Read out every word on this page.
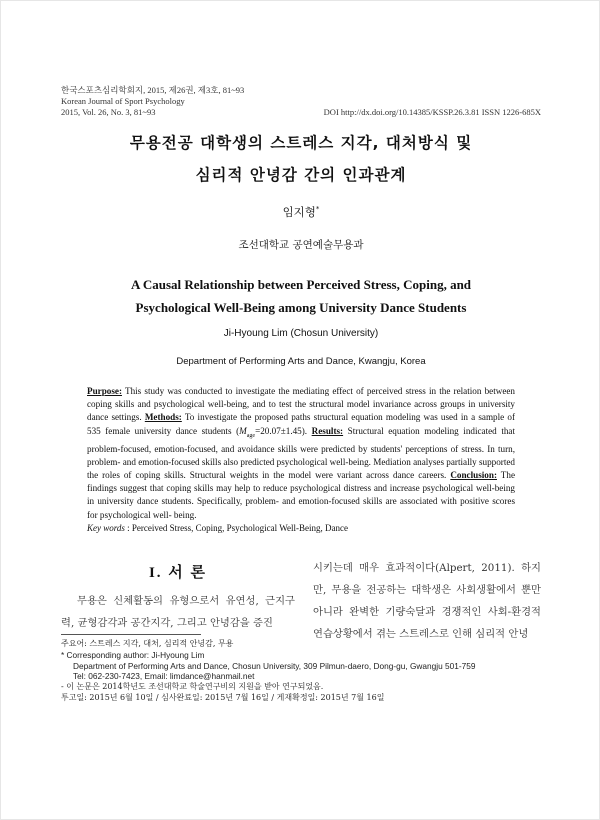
한국스포츠심리학회지, 2015, 제26권, 제3호, 81~93
Korean Journal of Sport Psychology
2015, Vol. 26, No. 3, 81~93	DOI http://dx.doi.org/10.14385/KSSP.26.3.81 ISSN 1226-685X
무용전공 대학생의 스트레스 지각, 대처방식 및
심리적 안녕감 간의 인과관계
임지형*
조선대학교 공연예술무용과
A Causal Relationship between Perceived Stress, Coping, and
Psychological Well-Being among University Dance Students
Ji-Hyoung Lim (Chosun University)
Department of Performing Arts and Dance, Kwangju, Korea
Purpose: This study was conducted to investigate the mediating effect of perceived stress in the relation between coping skills and psychological well-being, and to test the structural model invariance across groups in university dance settings. Methods: To investigate the proposed paths structural equation modeling was used in a sample of 535 female university dance students $(M_{age}=20.07\pm 1.45)$. Results: Structural equation modeling indicated that problem-focused, emotion-focused, and avoidance skills were predicted by students' perceptions of stress. In turn, problem- and emotion-focused skills also predicted psychological well-being. Mediation analyses partially supported the roles of coping skills. Structural weights in the model were variant across dance careers. Conclusion: The findings suggest that coping skills may help to reduce psychological distress and increase psychological well-being in university dance students. Specifically, problem- and emotion-focused skills are associated with positive scores for psychological well- being.
Key words : Perceived Stress, Coping, Psychological Well-Being, Dance
I. 서 론
무용은 신체활동의 유형으로서 유연성, 근지구력, 균형감각과 공간지각, 그리고 안녕감을 증진
시키는데 매우 효과적이다(Alpert, 2011). 하지만, 무용을 전공하는 대학생은 사회생활에서 뿐만 아니라 완벽한 기량숙달과 경쟁적인 사회-환경적 연습상황에서 겪는 스트레스로 인해 심리적 안녕
주요어: 스트레스 지각, 대처, 심리적 안녕감, 무용
* Corresponding author: Ji-Hyoung Lim
Department of Performing Arts and Dance, Chosun University, 309 Pilmun-daero, Dong-gu, Gwangju 501-759
Tel: 062-230-7423, Email: limdance@hanmail.net
- 이 논문은 2014학년도 조선대학교 학술연구비의 지원을 받아 연구되었음.
투고일: 2015년 6월 10일 / 심사완료일: 2015년 7월 16일 / 게재확정일: 2015년 7월 16일
